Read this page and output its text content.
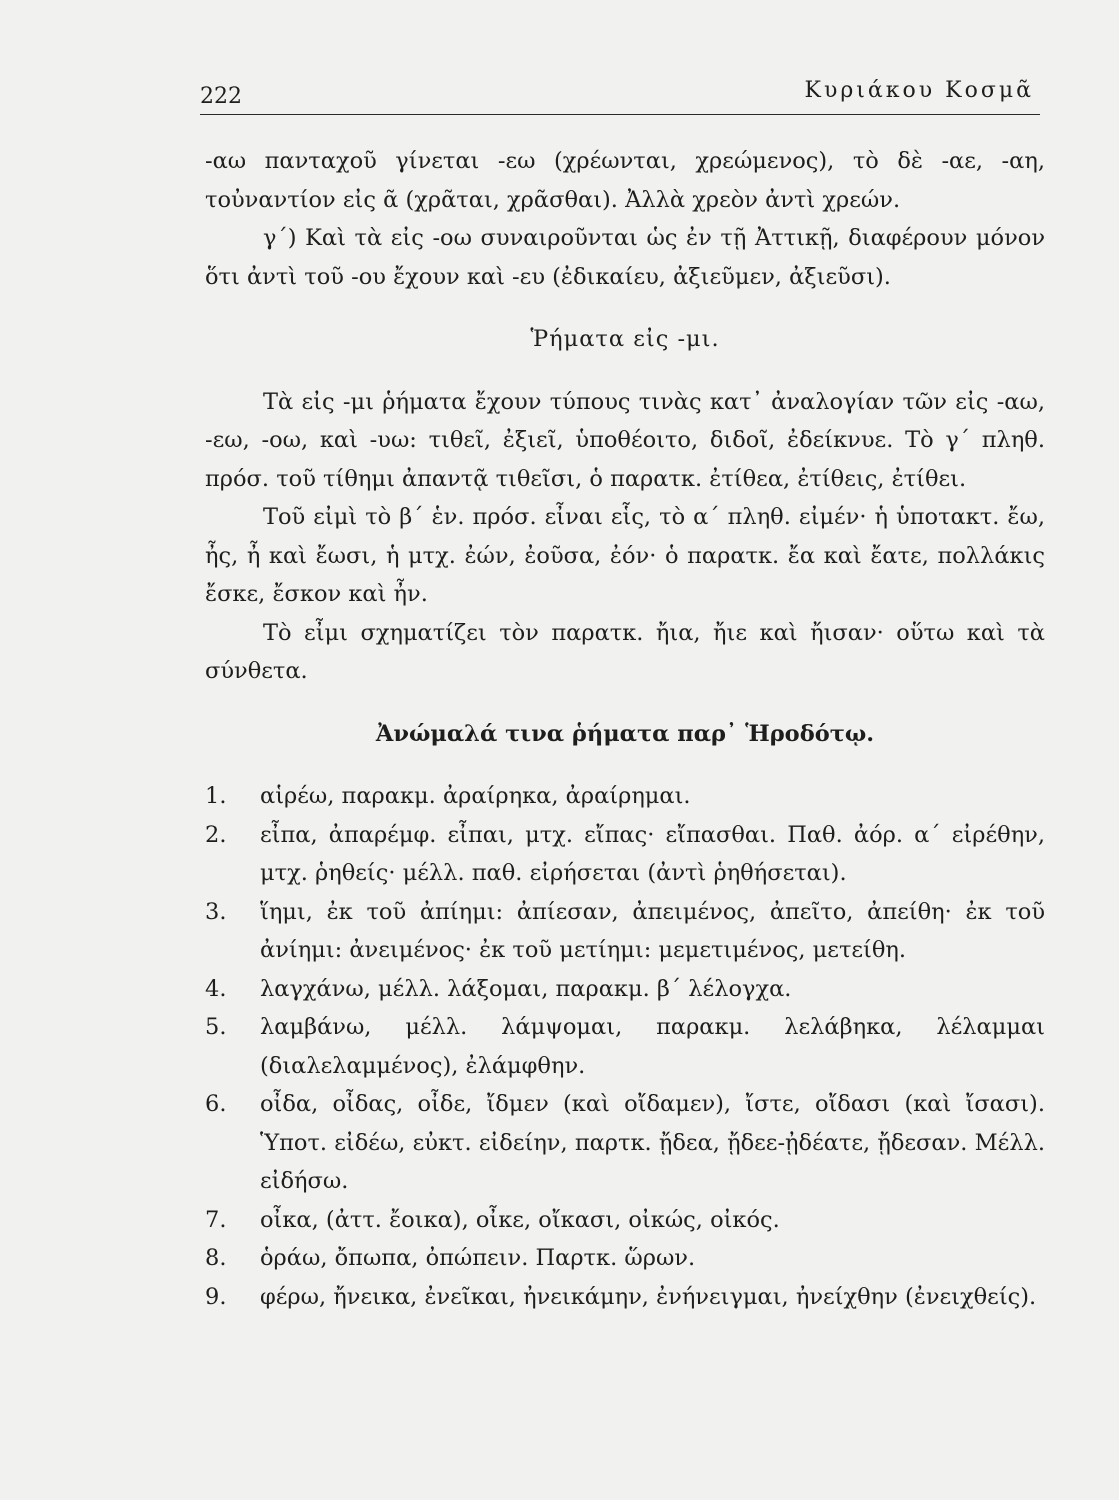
222	Κυριάκου Κοσμᾶ

-αω πανταχοῦ γίνεται -εω (χρέωνται, χρεώμενος), τὸ δὲ -αε, -αη, τοὐναντίον εἰς ᾶ (χρᾶται, χρᾶσθαι). Ἀλλὰ χρεὸν ἀντὶ χρεών.

γ΄) Καὶ τὰ εἰς -οω συναιροῦνται ὡς ἐν τῇ Ἀττικῇ, διαφέρουν μόνον ὅτι ἀντὶ τοῦ -ου ἔχουν καὶ -ευ (ἐδικαίευ, ἀξιεῦμεν, ἀξιεῦσι).

Ῥήματα εἰς -μι.

Τὰ εἰς -μι ῥήματα ἔχουν τύπους τινὰς κατ᾽ ἀναλογίαν τῶν εἰς -αω, -εω, -οω, καὶ -υω: τιθεῖ, ἐξιεῖ, ὑποθέοιτο, διδοῖ, ἐδείκνυε. Τὸ γ΄ πληθ. πρόσ. τοῦ τίθημι ἀπαντᾷ τιθεῖσι, ὁ παρατκ. ἐτίθεα, ἐτίθεις, ἐτίθει.

Τοῦ εἰμὶ τὸ β΄ ἑν. πρόσ. εἶναι εἷς, τὸ α΄ πληθ. εἰμέν· ἡ ὑποτακτ. ἔω, ἦς, ἦ καὶ ἔωσι, ἡ μτχ. ἐών, ἐοῦσα, ἐόν· ὁ παρατκ. ἔα καὶ ἔατε, πολλάκις ἔσκε, ἔσκον καὶ ἦν.

Τὸ εἶμι σχηματίζει τὸν παρατκ. ἤια, ἤιε καὶ ἤισαν· οὕτω καὶ τὰ σύνθετα.

Ἀνώμαλά τινα ῥήματα παρ᾽ Ἡροδότῳ.

1.	αἱρέω, παρακμ. ἀραίρηκα, ἀραίρημαι.
2.	εἶπα, ἀπαρέμφ. εἶπαι, μτχ. εἴπας· εἴπασθαι. Παθ. ἀόρ. α΄ εἰρέθην, μτχ. ῥηθείς· μέλλ. παθ. εἰρήσεται (ἀντὶ ῥηθήσεται).
3.	ἵημι, ἐκ τοῦ ἀπίημι: ἀπίεσαν, ἀπειμένος, ἀπεῖτο, ἀπείθη· ἐκ τοῦ ἀνίημι: ἀνειμένος· ἐκ τοῦ μετίημι: μεμετιμένος, μετείθη.
4.	λαγχάνω, μέλλ. λάξομαι, παρακμ. β΄ λέλογχα.
5.	λαμβάνω, μέλλ. λάμψομαι, παρακμ. λελάβηκα, λέλαμμαι (διαλελαμμένος), ἐλάμφθην.
6.	οἶδα, οἶδας, οἶδε, ἴδμεν (καὶ οἴδαμεν), ἴστε, οἴδασι (καὶ ἴσασι). Ὑποτ. εἰδέω, εὐκτ. εἰδείην, παρτκ. ᾔδεα, ᾔδεε-ᾐδέατε, ᾔδεσαν. Μέλλ. εἰδήσω.
7.	οἶκα, (ἀττ. ἔοικα), οἶκε, οἴκασι, οἰκώς, οἰκός.
8.	ὁράω, ὄπωπα, ὀπώπειν. Παρτκ. ὥρων.
9.	φέρω, ἤνεικα, ἐνεῖκαι, ἠνεικάμην, ἐνήνειγμαι, ἠνείχθην (ἐνειχθείς).
